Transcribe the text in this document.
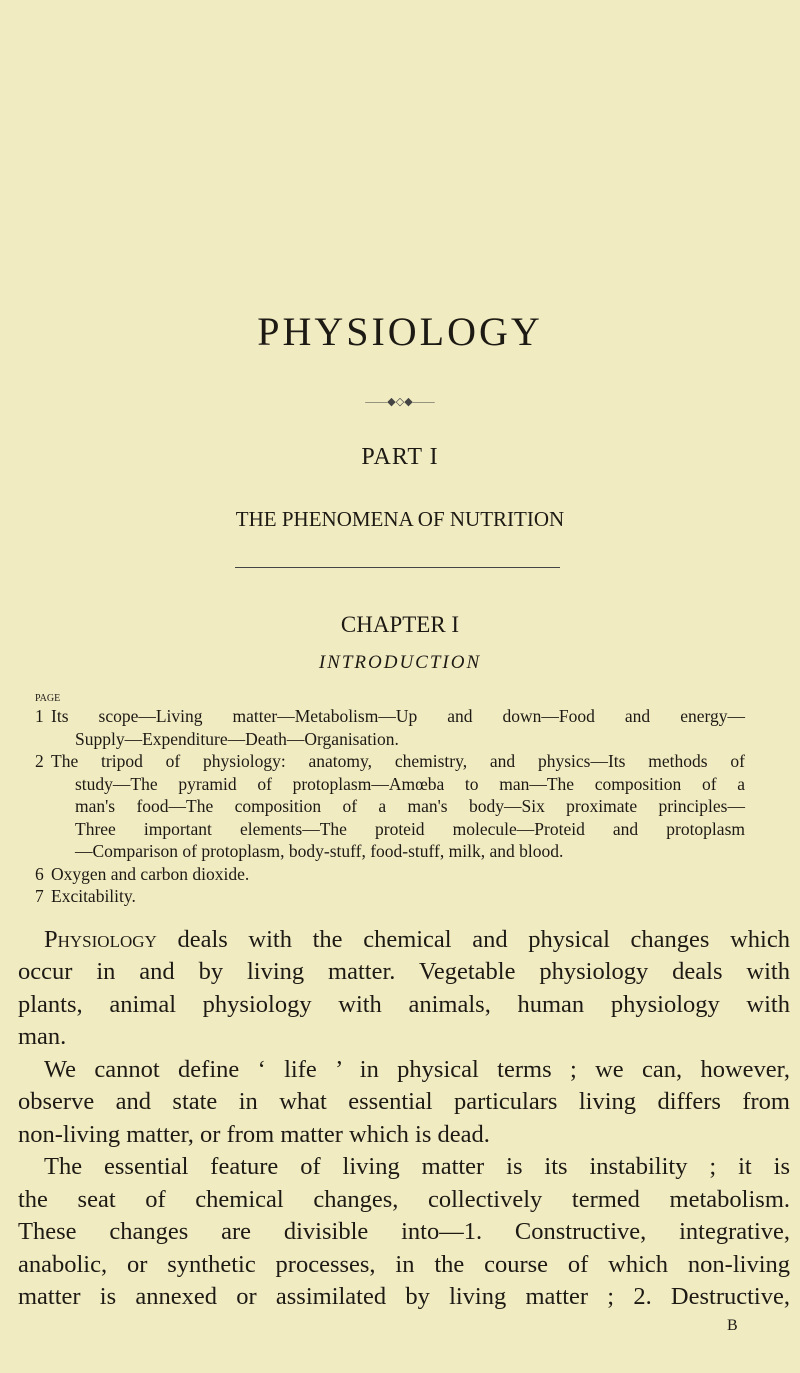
PHYSIOLOGY
——◆◇◆——
PART I
THE PHENOMENA OF NUTRITION
CHAPTER I
INTRODUCTION
PAGE
1 Its scope—Living matter—Metabolism—Up and down—Food and energy—
Supply—Expenditure—Death—Organisation.
2 The tripod of physiology: anatomy, chemistry, and physics—Its methods of
study—The pyramid of protoplasm—Amœba to man—The composition of a
man's food—The composition of a man's body—Six proximate principles—
Three important elements—The proteid molecule—Proteid and protoplasm
—Comparison of protoplasm, body-stuff, food-stuff, milk, and blood.
6 Oxygen and carbon dioxide.
7 Excitability.
Physiology deals with the chemical and physical changes which
occur in and by living matter. Vegetable physiology deals with
plants, animal physiology with animals, human physiology with
man.
We cannot define ‘ life ’ in physical terms ; we can, however,
observe and state in what essential particulars living differs from
non-living matter, or from matter which is dead.
The essential feature of living matter is its instability ; it is
the seat of chemical changes, collectively termed metabolism.
These changes are divisible into—1. Constructive, integrative,
anabolic, or synthetic processes, in the course of which non-living
matter is annexed or assimilated by living matter ; 2. Destructive,
B
